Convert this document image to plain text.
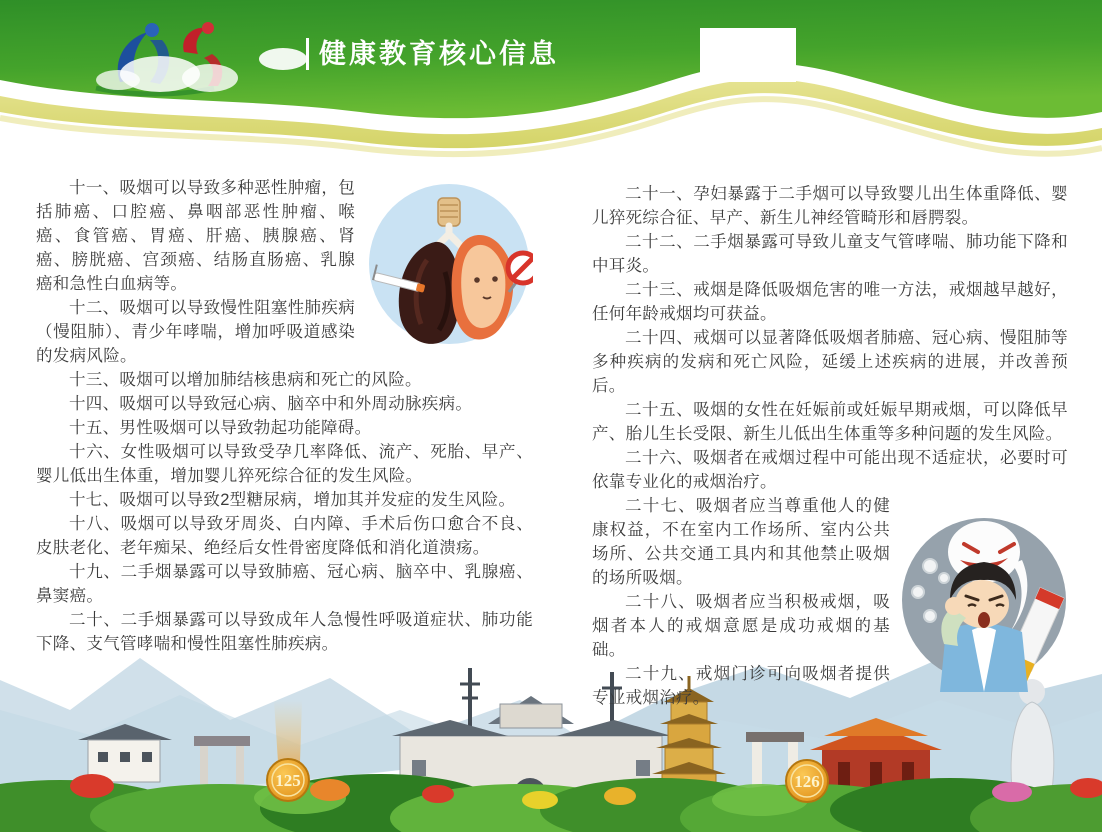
健康教育核心信息

十一、吸烟可以导致多种恶性肿瘤，包括肺癌、口腔癌、鼻咽部恶性肿瘤、喉癌、食管癌、胃癌、肝癌、胰腺癌、肾癌、膀胱癌、宫颈癌、结肠直肠癌、乳腺癌和急性白血病等。

十二、吸烟可以导致慢性阻塞性肺疾病（慢阻肺）、青少年哮喘，增加呼吸道感染的发病风险。

十三、吸烟可以增加肺结核患病和死亡的风险。

十四、吸烟可以导致冠心病、脑卒中和外周动脉疾病。

十五、男性吸烟可以导致勃起功能障碍。

十六、女性吸烟可以导致受孕几率降低、流产、死胎、早产、婴儿低出生体重，增加婴儿猝死综合征的发生风险。

十七、吸烟可以导致2型糖尿病，增加其并发症的发生风险。

十八、吸烟可以导致牙周炎、白内障、手术后伤口愈合不良、皮肤老化、老年痴呆、绝经后女性骨密度降低和消化道溃疡。

十九、二手烟暴露可以导致肺癌、冠心病、脑卒中、乳腺癌、鼻窦癌。

二十、二手烟暴露可以导致成年人急慢性呼吸道症状、肺功能下降、支气管哮喘和慢性阻塞性肺疾病。

二十一、孕妇暴露于二手烟可以导致婴儿出生体重降低、婴儿猝死综合征、早产、新生儿神经管畸形和唇腭裂。

二十二、二手烟暴露可导致儿童支气管哮喘、肺功能下降和中耳炎。

二十三、戒烟是降低吸烟危害的唯一方法，戒烟越早越好，任何年龄戒烟均可获益。

二十四、戒烟可以显著降低吸烟者肺癌、冠心病、慢阻肺等多种疾病的发病和死亡风险，延缓上述疾病的进展，并改善预后。

二十五、吸烟的女性在妊娠前或妊娠早期戒烟，可以降低早产、胎儿生长受限、新生儿低出生体重等多种问题的发生风险。

二十六、吸烟者在戒烟过程中可能出现不适症状，必要时可依靠专业化的戒烟治疗。

二十七、吸烟者应当尊重他人的健康权益，不在室内工作场所、室内公共场所、公共交通工具内和其他禁止吸烟的场所吸烟。

二十八、吸烟者应当积极戒烟，吸烟者本人的戒烟意愿是成功戒烟的基础。

二十九、戒烟门诊可向吸烟者提供专业戒烟治疗。

125	126
